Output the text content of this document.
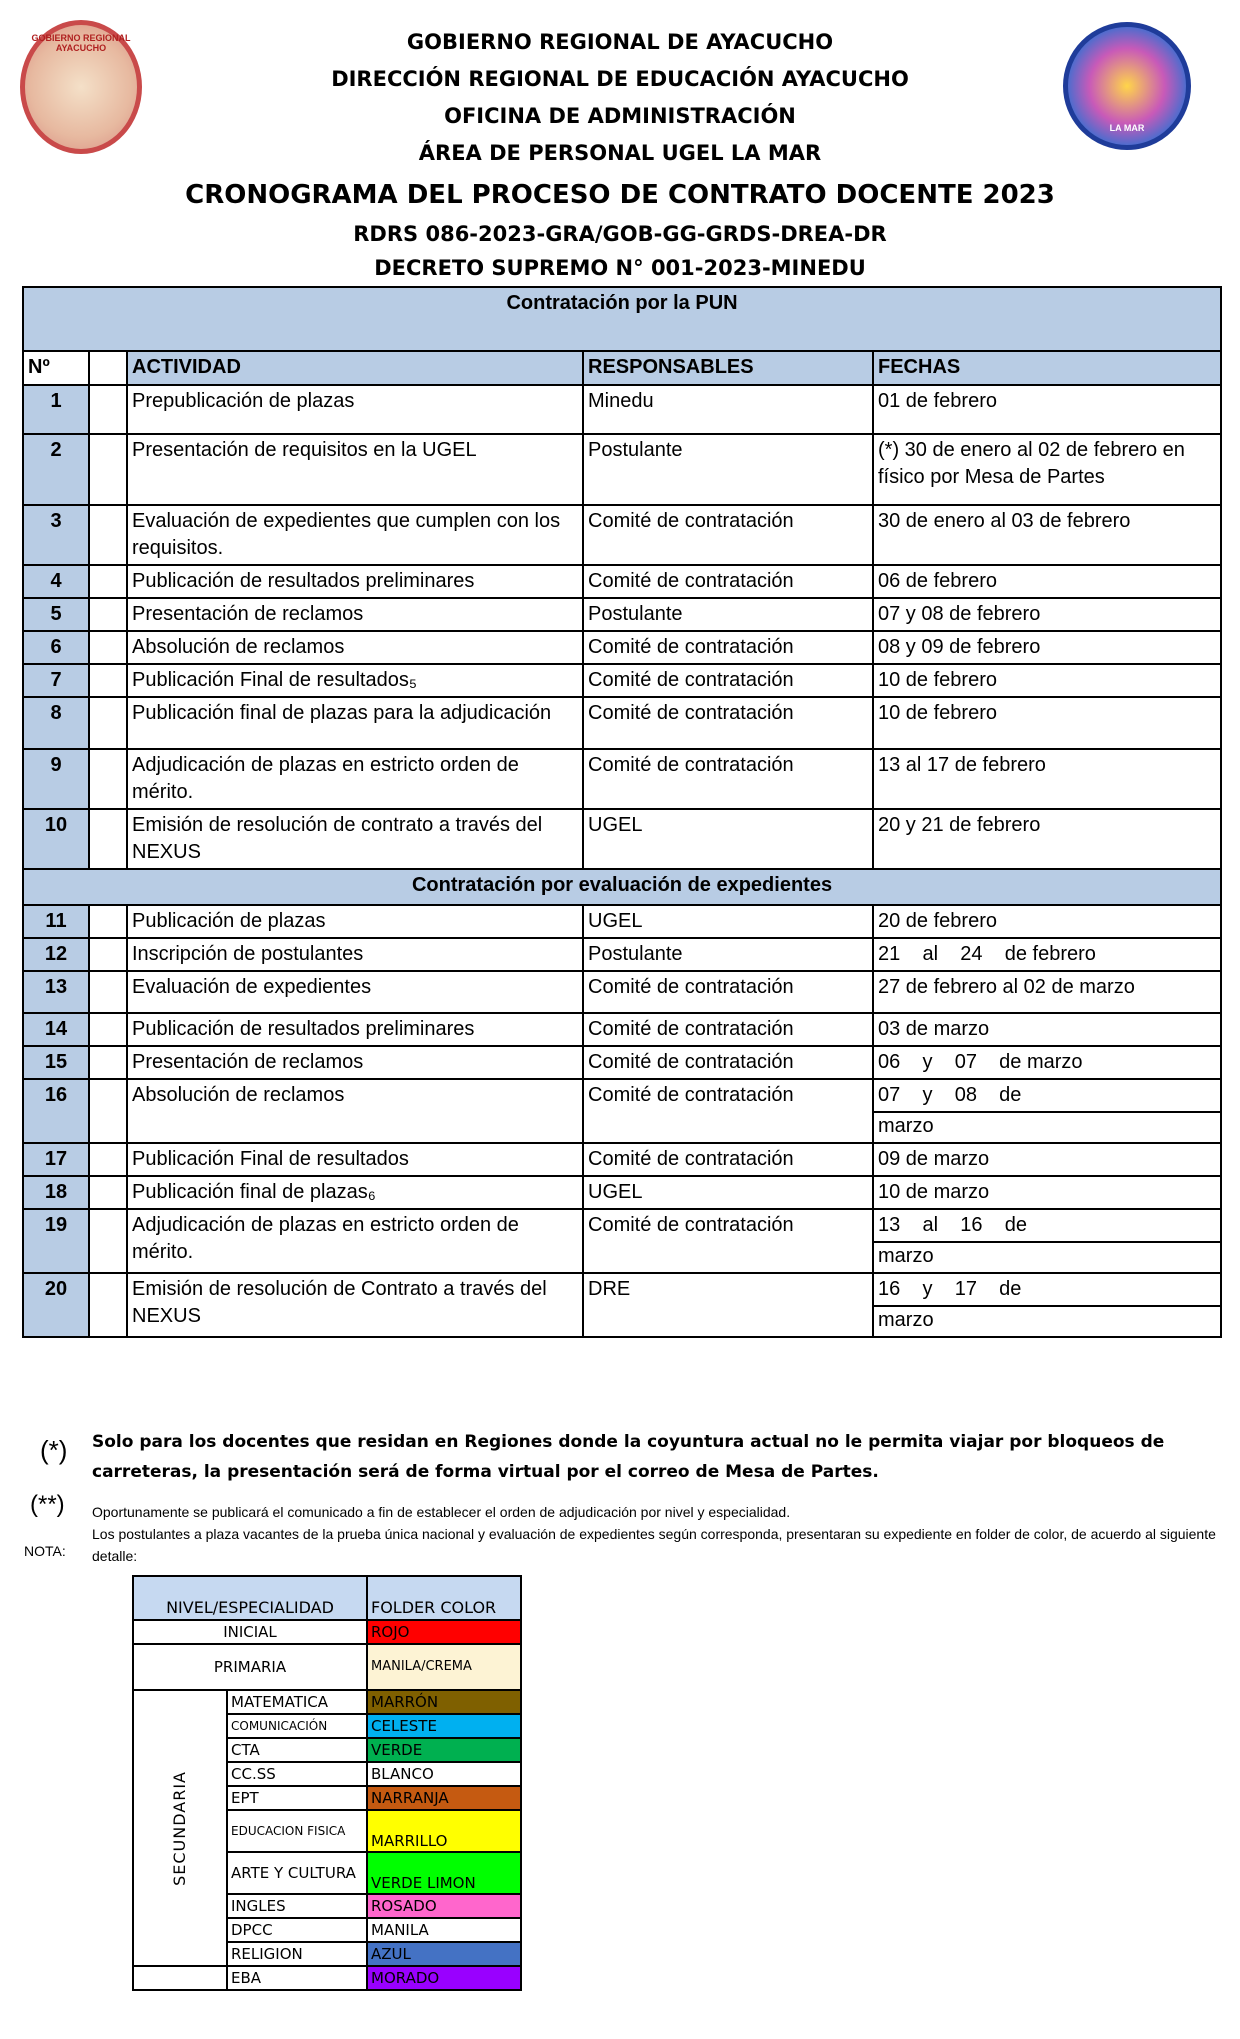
GOBIERNO REGIONAL AYACUCHO	GOBIERNO REGIONAL DE AYACUCHO
DIRECCIÓN REGIONAL DE EDUCACIÓN AYACUCHO
OFICINA DE ADMINISTRACIÓN
ÁREA DE PERSONAL UGEL LA MAR
CRONOGRAMA DEL PROCESO DE CONTRATO DOCENTE 2023
RDRS 086-2023-GRA/GOB-GG-GRDS-DREA-DR
DECRETO SUPREMO N° 001-2023-MINEDU
LA MAR
Contratación por la PUN				
Nº		ACTIVIDAD	RESPONSABLES	FECHAS
1		Prepublicación de plazas	Minedu	01 de febrero

2		Presentación de requisitos en la UGEL	Postulante	(*) 30 de enero al 02 de febrero en físico por Mesa de Partes

3		Evaluación de expedientes que cumplen con los requisitos.	Comité de contratación	30 de enero al 03 de febrero

4		Publicación de resultados preliminares	Comité de contratación	06 de febrero

5		Presentación de reclamos	Postulante	07 y 08 de febrero

6		Absolución de reclamos	Comité de contratación	08 y 09 de febrero

7		Publicación Final de resultados₅	Comité de contratación	10 de febrero

8		Publicación final de plazas para la adjudicación	Comité de contratación	10 de febrero

9		Adjudicación de plazas en estricto orden de mérito.	Comité de contratación	13 al 17 de febrero

10		Emisión de resolución de contrato a través del NEXUS	UGEL	20 y 21 de febrero

Contratación por evaluación de expedientes				
11		Publicación de plazas	UGEL	20 de febrero

12		Inscripción de postulantes	Postulante	21    al    24    de febrero

13		Evaluación de expedientes	Comité de contratación	27 de febrero al 02 de marzo

14		Publicación de resultados preliminares	Comité de contratación	03 de marzo

15		Presentación de reclamos	Comité de contratación	06    y    07    de marzo

16		Absolución de reclamos	Comité de contratación	07    y    08    de
marzo

17		Publicación Final de resultados	Comité de contratación	09 de marzo

18		Publicación final de plazas₆	UGEL	10 de marzo

19		Adjudicación de plazas en estricto orden de mérito.	Comité de contratación	13    al    16    de
marzo

20		Emisión de resolución de Contrato a través del NEXUS	DRE	16    y    17    de
marzo
(*) Solo para los docentes que residan en Regiones donde la coyuntura actual no le permita viajar por bloqueos de carreteras, la presentación será de forma virtual por el correo de Mesa de Partes.
(**) Oportunamente se publicará el comunicado a fin de establecer el orden de adjudicación por nivel y especialidad.
Los postulantes a plaza vacantes de la prueba única nacional y evaluación de expedientes según corresponda, presentaran su expediente en folder de color, de acuerdo al siguiente detalle:
NOTA:
NIVEL/ESPECIALIDAD		FOLDER COLOR
INICIAL		ROJO
PRIMARIA		MANILA/CREMA

SECUNDARIA	MATEMATICA	MARRÓN
	COMUNICACIÓN	CELESTE
	CTA	VERDE
	CC.SS	BLANCO
	EPT	NARRANJA
	EDUCACION FISICA	MARRILLO
	ARTE Y CULTURA	VERDE LIMON
	INGLES	ROSADO
	DPCC	MANILA
	RELIGION	AZUL
	EBA	MORADO
